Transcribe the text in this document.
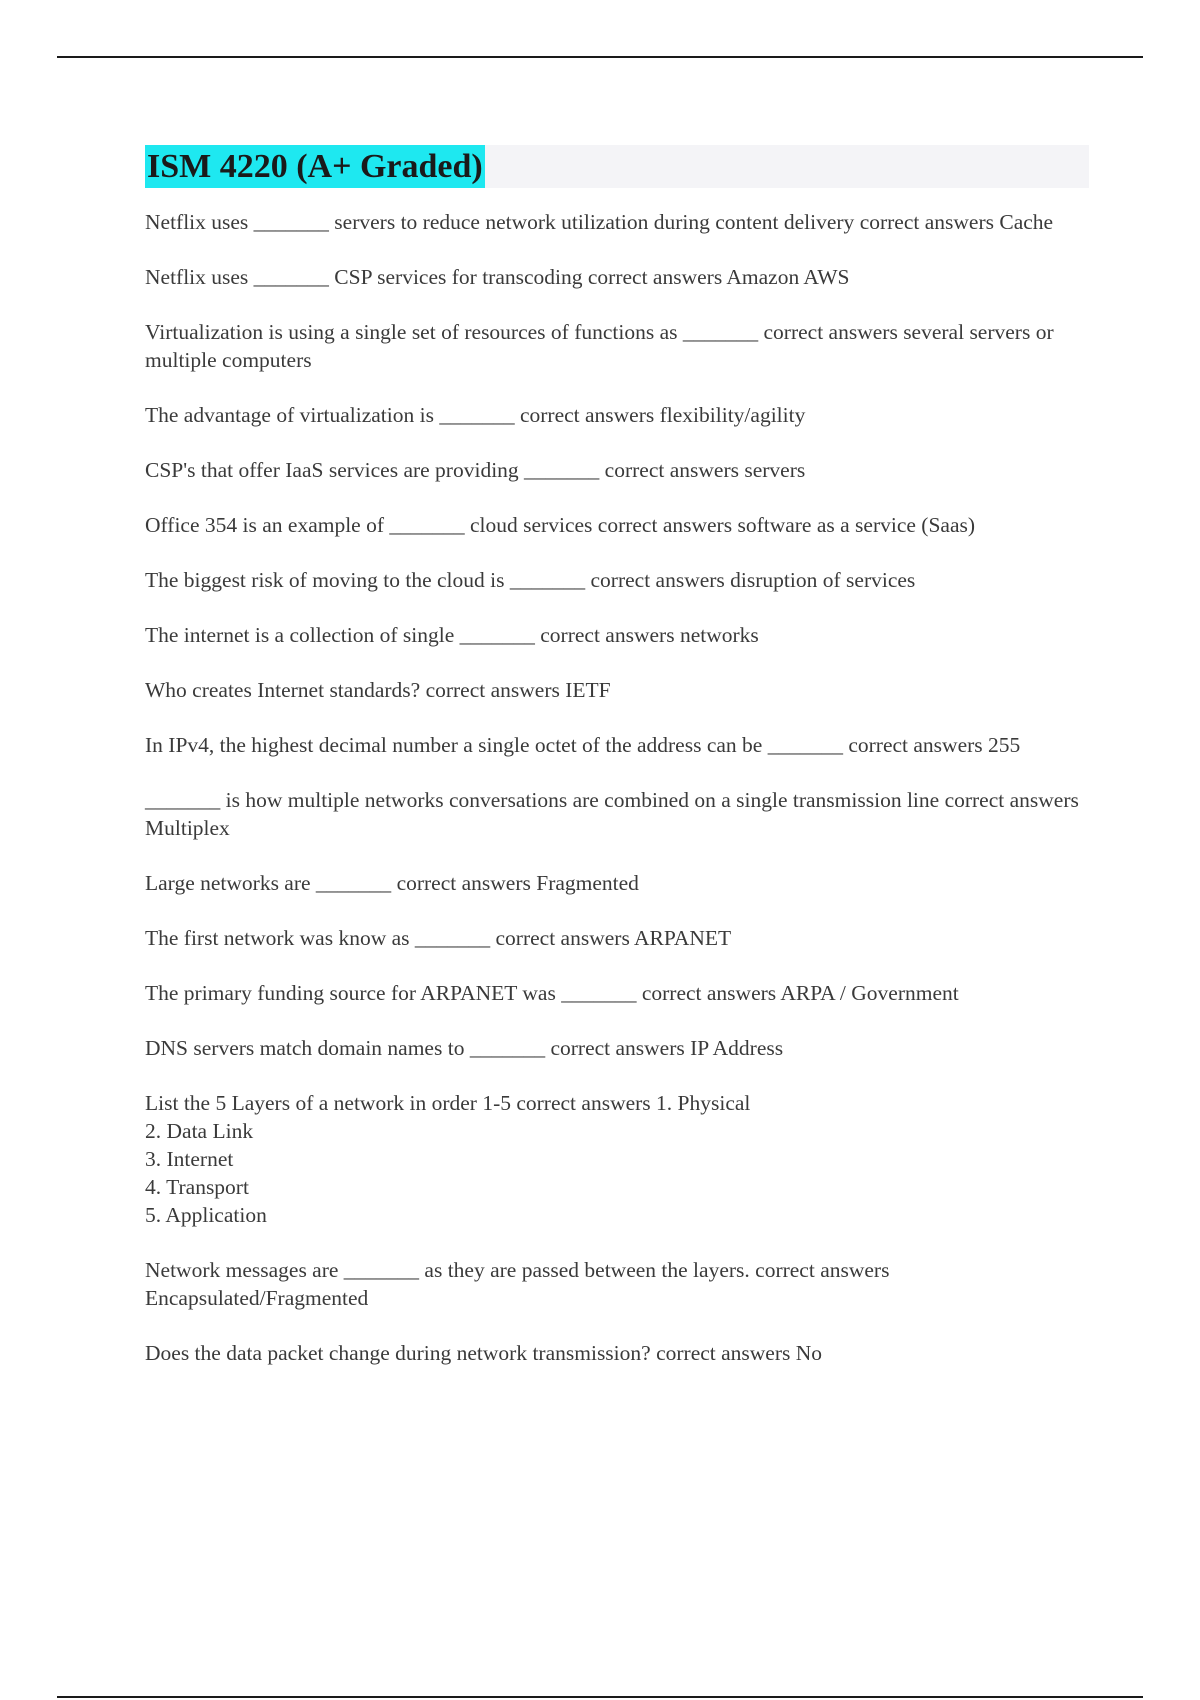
ISM 4220 (A+ Graded)

Netflix uses _______ servers to reduce network utilization during content delivery correct answers Cache

Netflix uses _______ CSP services for transcoding correct answers Amazon AWS

Virtualization is using a single set of resources of functions as _______ correct answers several servers or multiple computers

The advantage of virtualization is _______ correct answers flexibility/agility

CSP's that offer IaaS services are providing _______ correct answers servers

Office 354 is an example of _______ cloud services correct answers software as a service (Saas)

The biggest risk of moving to the cloud is _______ correct answers disruption of services

The internet is a collection of single _______ correct answers networks

Who creates Internet standards? correct answers IETF

In IPv4, the highest decimal number a single octet of the address can be _______ correct answers 255

_______ is how multiple networks conversations are combined on a single transmission line correct answers Multiplex

Large networks are _______ correct answers Fragmented

The first network was know as _______ correct answers ARPANET

The primary funding source for ARPANET was _______ correct answers ARPA / Government

DNS servers match domain names to _______ correct answers IP Address

List the 5 Layers of a network in order 1-5 correct answers 1. Physical
2. Data Link
3. Internet
4. Transport
5. Application

Network messages are _______ as they are passed between the layers. correct answers Encapsulated/Fragmented

Does the data packet change during network transmission? correct answers No
